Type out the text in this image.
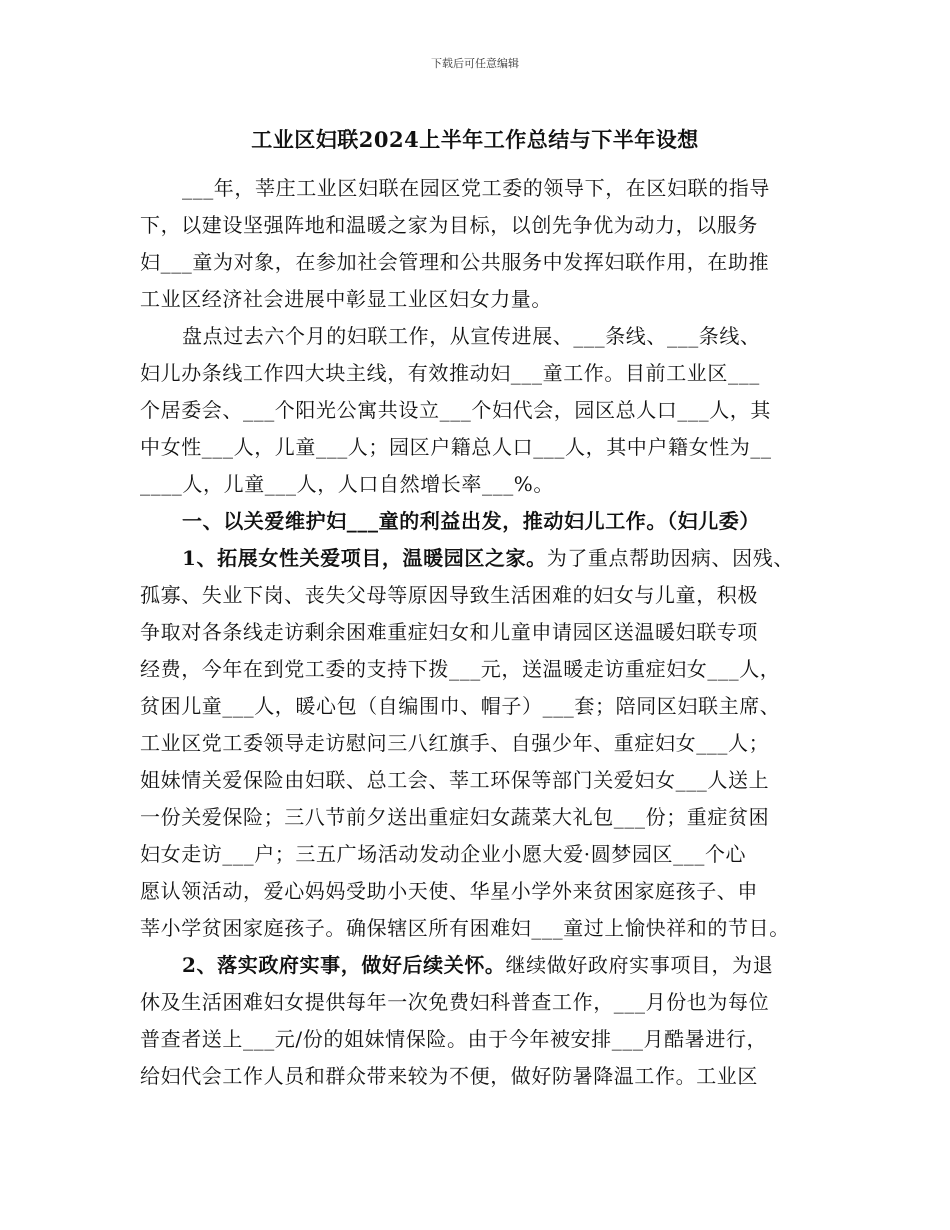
下载后可任意编辑
工业区妇联2024上半年工作总结与下半年设想
___年，莘庄工业区妇联在园区党工委的领导下，在区妇联的指导
下，以建设坚强阵地和温暖之家为目标，以创先争优为动力，以服务
妇___童为对象，在参加社会管理和公共服务中发挥妇联作用，在助推
工业区经济社会进展中彰显工业区妇女力量。
盘点过去六个月的妇联工作，从宣传进展、___条线、___条线、
妇儿办条线工作四大块主线，有效推动妇___童工作。目前工业区___
个居委会、___个阳光公寓共设立___个妇代会，园区总人口___人，其
中女性___人，儿童___人；园区户籍总人口___人，其中户籍女性为__
____人，儿童___人，人口自然增长率___%。
一、以关爱维护妇___童的利益出发，推动妇儿工作。（妇儿委）
1、拓展女性关爱项目，温暖园区之家。为了重点帮助因病、因残、
孤寡、失业下岗、丧失父母等原因导致生活困难的妇女与儿童，积极
争取对各条线走访剩余困难重症妇女和儿童申请园区送温暖妇联专项
经费，今年在到党工委的支持下拨___元，送温暖走访重症妇女___人，
贫困儿童___人，暖心包（自编围巾、帽子）___套；陪同区妇联主席、
工业区党工委领导走访慰问三八红旗手、自强少年、重症妇女___人；
姐妹情关爱保险由妇联、总工会、莘工环保等部门关爱妇女___人送上
一份关爱保险；三八节前夕送出重症妇女蔬菜大礼包___份；重症贫困
妇女走访___户；三五广场活动发动企业小愿大爱·圆梦园区___个心
愿认领活动，爱心妈妈受助小天使、华星小学外来贫困家庭孩子、申
莘小学贫困家庭孩子。确保辖区所有困难妇___童过上愉快祥和的节日。
2、落实政府实事，做好后续关怀。继续做好政府实事项目，为退
休及生活困难妇女提供每年一次免费妇科普查工作，___月份也为每位
普查者送上___元/份的姐妹情保险。由于今年被安排___月酷暑进行，
给妇代会工作人员和群众带来较为不便，做好防暑降温工作。工业区
